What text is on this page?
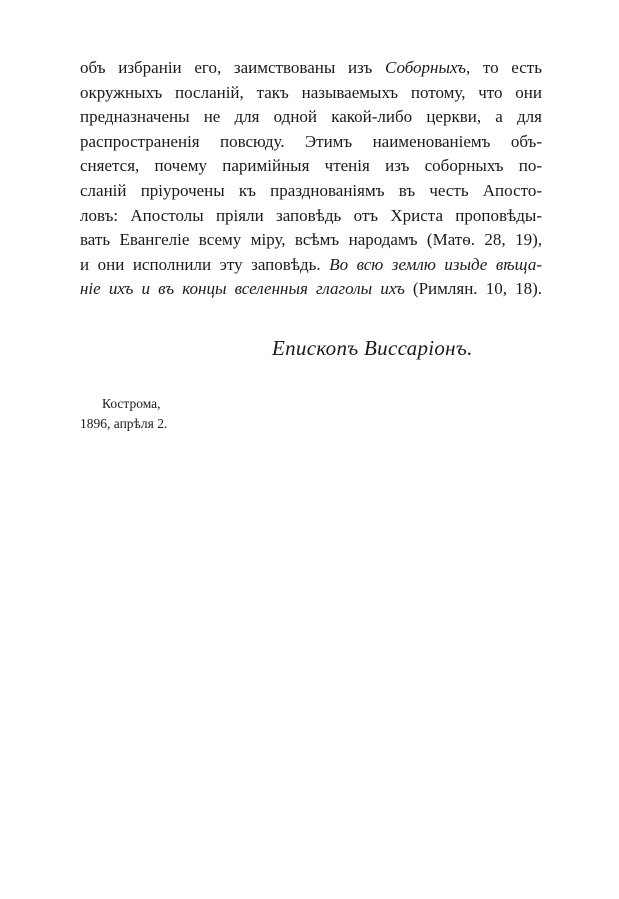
объ избраніи его, заимствованы изъ Соборныхъ, то есть
окружныхъ посланій, такъ называемыхъ потому, что они
предназначены не для одной какой-либо церкви, а для
распространенія повсюду. Этимъ наименованіемъ объ-
сняется, почему паримійныя чтенія изъ соборныхъ по-
сланій пріурочены къ празднованіямъ въ честь Апосто-
ловъ: Апостолы пріяли заповѣдь отъ Христа проповѣды-
вать Евангеліе всему міру, всѣмъ народамъ (Матѳ. 28, 19),
и они исполнили эту заповѣдь. Во всю землю изыде вѣща-
ніе ихъ и въ концы вселенныя глаголы ихъ (Римлян. 10, 18).
Епископъ Виссаріонъ.
Кострома,
1896, апрѣля 2.
